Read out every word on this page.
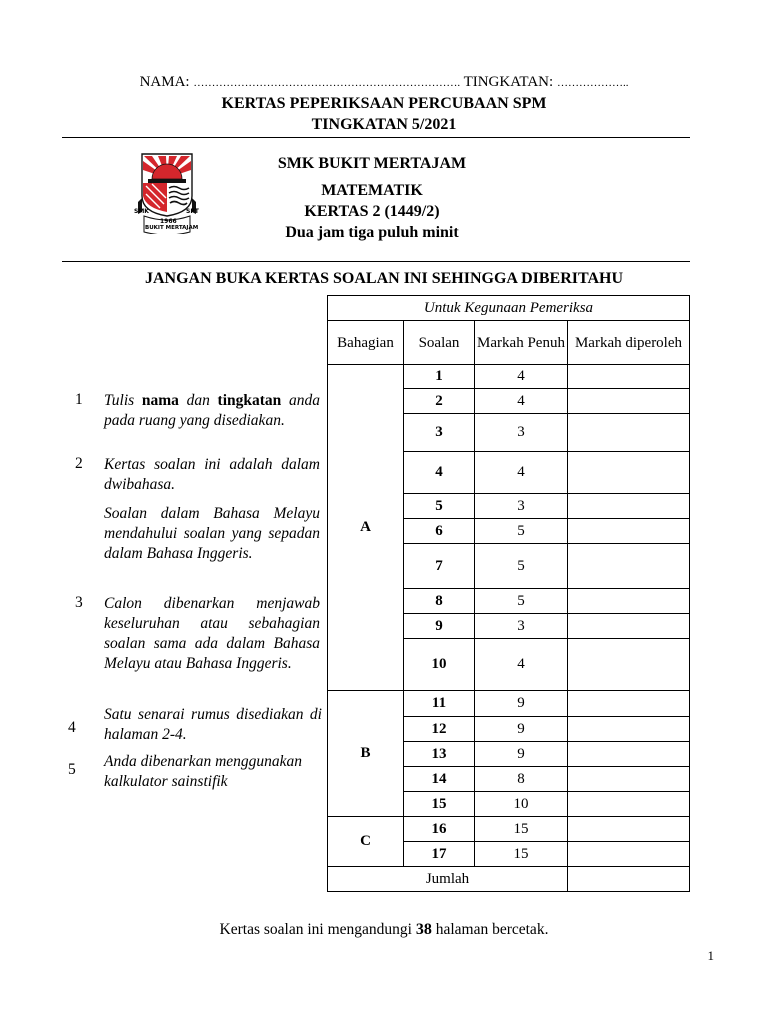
NAMA: ………………………………………………………………. TINGKATAN: ………………..
KERTAS PEPERIKSAAN PERCUBAAN SPM
TINGKATAN 5/2021
SMK	SPT
1966
BUKIT MERTAJAM
SMK BUKIT MERTAJAM
MATEMATIK
KERTAS 2 (1449/2)
Dua jam tiga puluh minit
JANGAN BUKA KERTAS SOALAN INI SEHINGGA DIBERITAHU
1 Tulis nama dan tingkatan anda pada ruang yang disediakan.
2 Kertas soalan ini adalah dalam dwibahasa.
Soalan dalam Bahasa Melayu mendahului soalan yang sepadan dalam Bahasa Inggeris.
3 Calon dibenarkan menjawab keseluruhan atau sebahagian soalan sama ada dalam Bahasa Melayu atau Bahasa Inggeris.
4
Satu senarai rumus disediakan di halaman 2-4.
5 Anda dibenarkan menggunakan kalkulator sainstifik
Untuk Kegunaan Pemeriksa			
Bahagian	Soalan	Markah Penuh	Markah diperoleh
A	1	4	
	2	4	
	3	3	
	4	4	
	5	3	
	6	5	
	7	5	
	8	5	
	9	3	
	10	4	
B	11	9	
	12	9	
	13	9	
	14	8	
	15	10	
C	16	15	
	17	15	
Jumlah			
Kertas soalan ini mengandungi 38 halaman bercetak.
1
